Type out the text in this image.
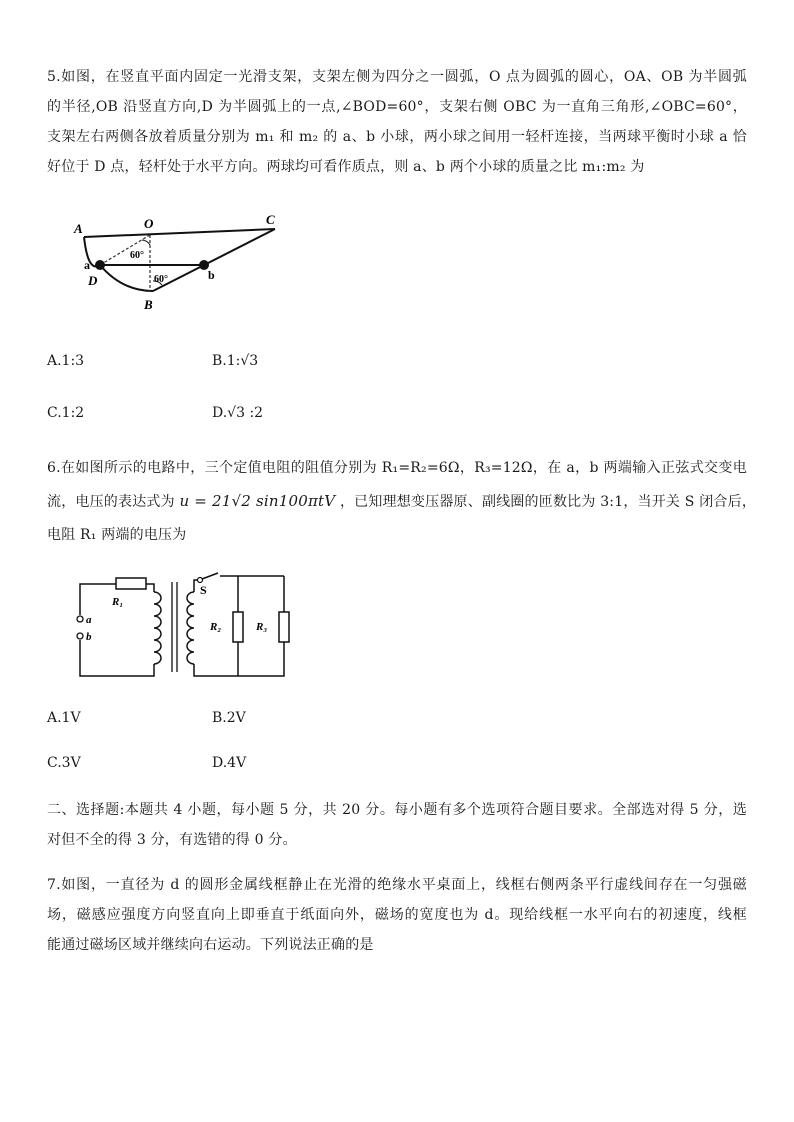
5.如图，在竖直平面内固定一光滑支架，支架左侧为四分之一圆弧，O 点为圆弧的圆心，OA、OB 为半圆弧
的半径,OB 沿竖直方向,D 为半圆弧上的一点,∠BOD=60°，支架右侧 OBC 为一直角三角形,∠OBC=60°，
支架左右两侧各放着质量分别为 m₁ 和 m₂ 的 a、b 小球，两小球之间用一轻杆连接，当两球平衡时小球 a 恰
好位于 D 点，轻杆处于水平方向。两球均可看作质点，则 a、b 两个小球的质量之比 m₁:m₂ 为
A	O	C
a
D	b
B
60°
60°
A.1:3	B.1:√3
C.1:2	D.√3 :2
6.在如图所示的电路中，三个定值电阻的阻值分别为 R₁=R₂=6Ω，R₃=12Ω，在 a，b 两端输入正弦式交变电
流，电压的表达式为 u = 21√2 sin100πtV ，已知理想变压器原、副线圈的匝数比为 3:1，当开关 S 闭合后，
电阻 R₁ 两端的电压为
R₁
a
b
S
R₂	R₃
A.1V	B.2V
C.3V	D.4V
二、选择题:本题共 4 小题，每小题 5 分，共 20 分。每小题有多个选项符合题目要求。全部选对得 5 分，选
对但不全的得 3 分，有选错的得 0 分。
7.如图，一直径为 d 的圆形金属线框静止在光滑的绝缘水平桌面上，线框右侧两条平行虚线间存在一匀强磁
场，磁感应强度方向竖直向上即垂直于纸面向外，磁场的宽度也为 d。现给线框一水平向右的初速度，线框
能通过磁场区域并继续向右运动。下列说法正确的是
